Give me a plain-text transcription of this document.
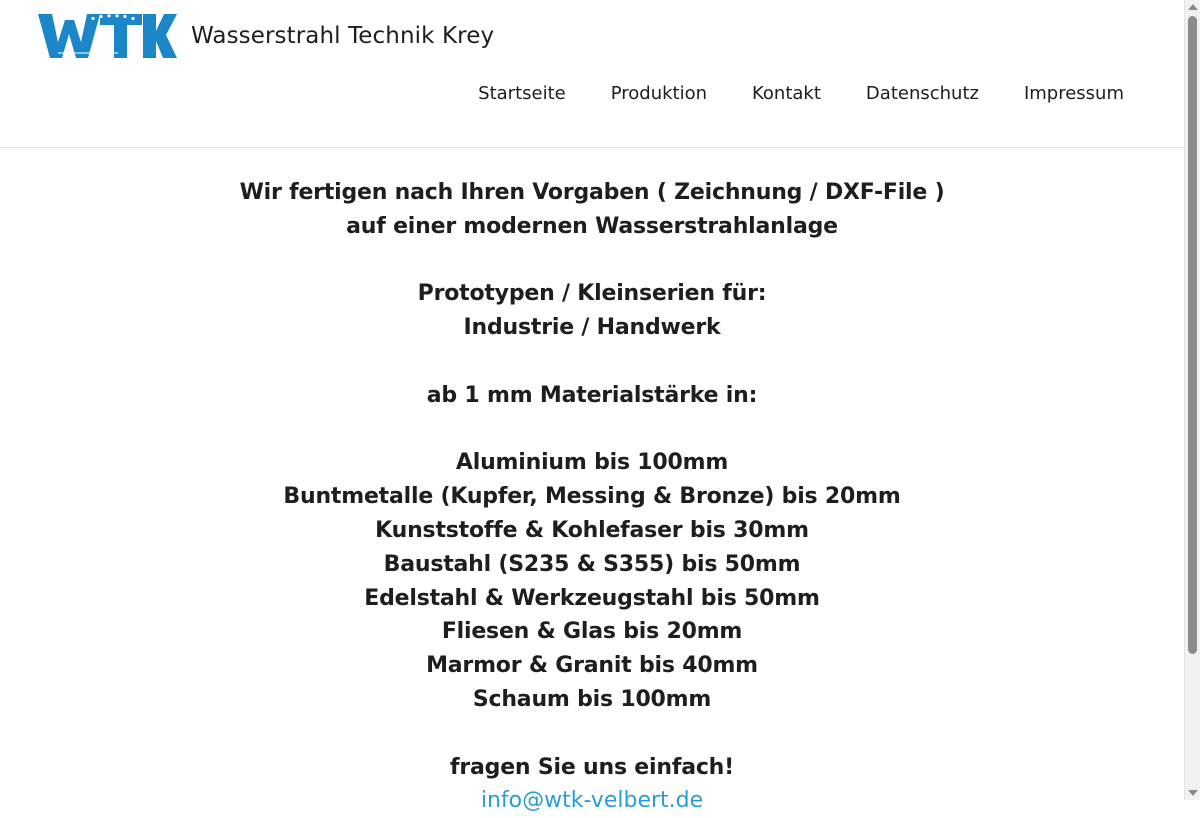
Wasserstrahl Technik Krey
Startseite	Produktion	Kontakt	Datenschutz	Impressum

Wir fertigen nach Ihren Vorgaben ( Zeichnung / DXF-File )

auf einer modernen Wasserstrahlanlage

Prototypen / Kleinserien für:

Industrie / Handwerk

ab 1 mm Materialstärke in:

Aluminium bis 100mm

Buntmetalle (Kupfer, Messing & Bronze) bis 20mm

Kunststoffe & Kohlefaser bis 30mm

Baustahl (S235 & S355) bis 50mm

Edelstahl & Werkzeugstahl bis 50mm

Fliesen & Glas bis 20mm

Marmor & Granit bis 40mm

Schaum bis 100mm

fragen Sie uns einfach!

info@wtk-velbert.de
